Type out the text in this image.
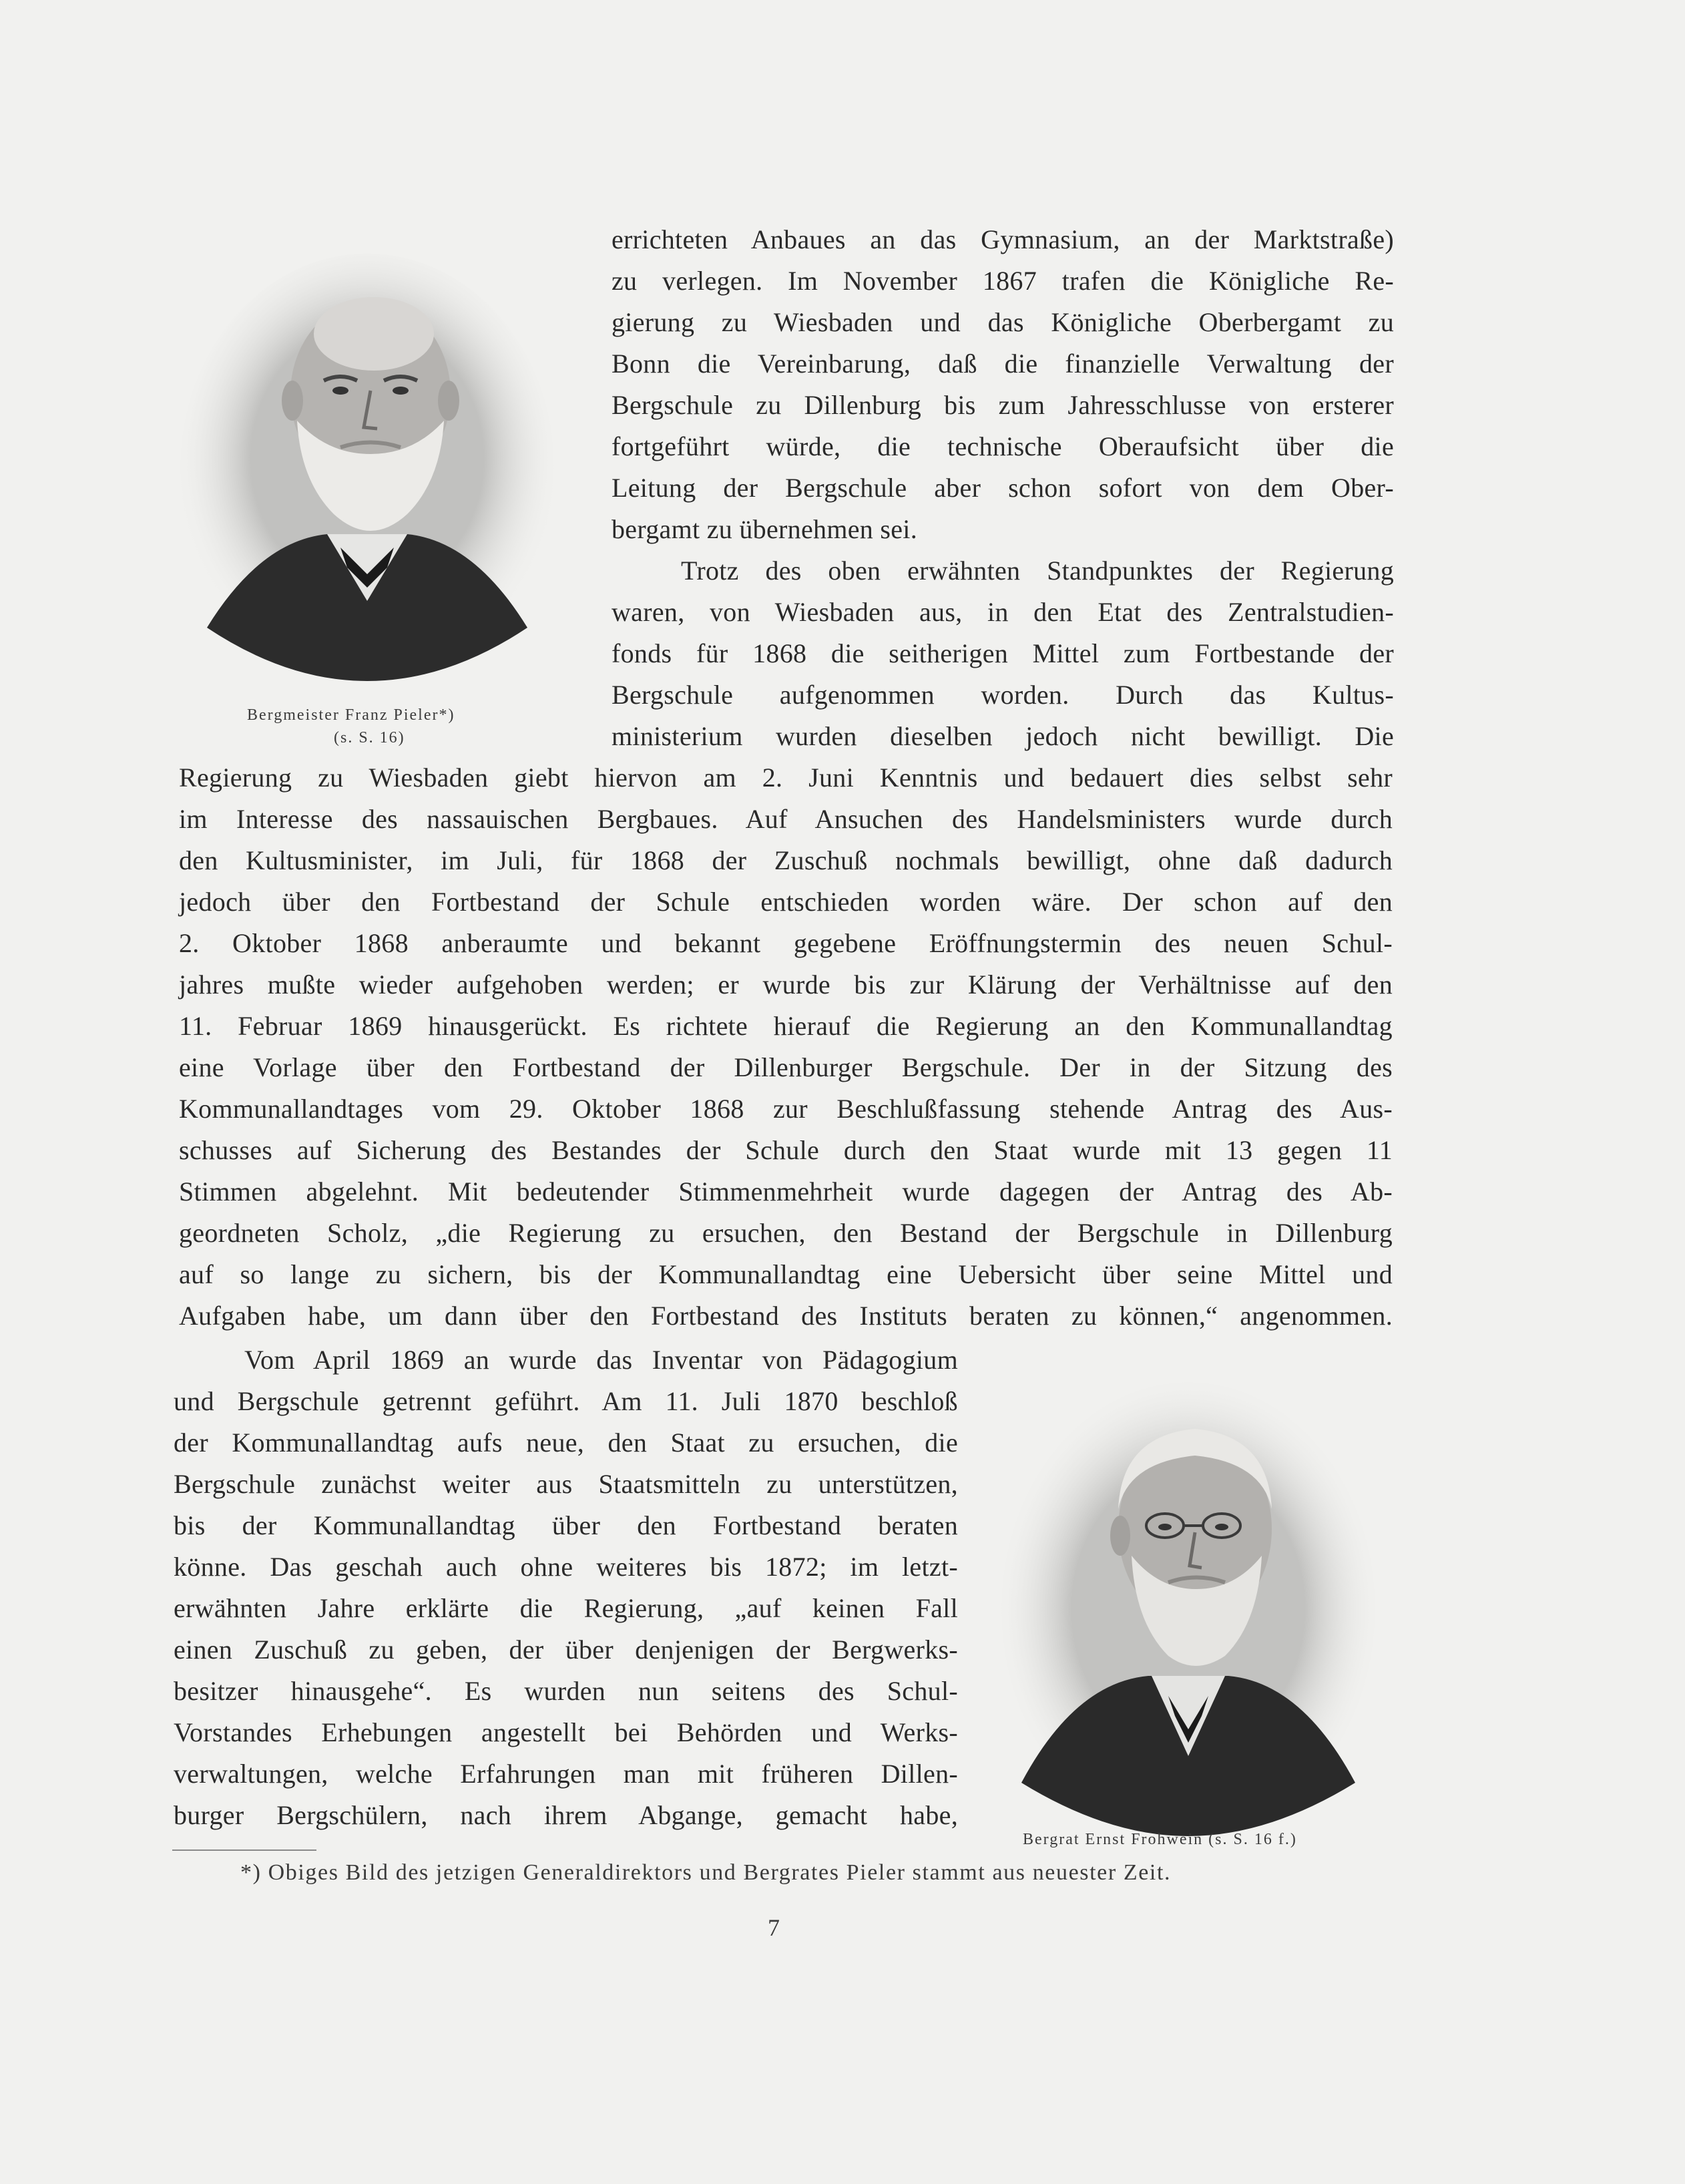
Bergmeister Franz Pieler*)
(s. S. 16)
errichteten Anbaues an das Gymnasium, an der Marktstraße)
zu verlegen. Im November 1867 trafen die Königliche Re-
gierung zu Wiesbaden und das Königliche Oberbergamt zu
Bonn die Vereinbarung, daß die finanzielle Verwaltung der
Bergschule zu Dillenburg bis zum Jahresschlusse von ersterer
fortgeführt würde, die technische Oberaufsicht über die
Leitung der Bergschule aber schon sofort von dem Ober-
bergamt zu übernehmen sei.
Trotz des oben erwähnten Standpunktes der Regierung
waren, von Wiesbaden aus, in den Etat des Zentralstudien-
fonds für 1868 die seitherigen Mittel zum Fortbestande der
Bergschule aufgenommen worden. Durch das Kultus-
ministerium wurden dieselben jedoch nicht bewilligt. Die
Regierung zu Wiesbaden giebt hiervon am 2. Juni Kenntnis und bedauert dies selbst sehr
im Interesse des nassauischen Bergbaues. Auf Ansuchen des Handelsministers wurde durch
den Kultusminister, im Juli, für 1868 der Zuschuß nochmals bewilligt, ohne daß dadurch
jedoch über den Fortbestand der Schule entschieden worden wäre. Der schon auf den
2. Oktober 1868 anberaumte und bekannt gegebene Eröffnungstermin des neuen Schul-
jahres mußte wieder aufgehoben werden; er wurde bis zur Klärung der Verhältnisse auf den
11. Februar 1869 hinausgerückt. Es richtete hierauf die Regierung an den Kommunallandtag
eine Vorlage über den Fortbestand der Dillenburger Bergschule. Der in der Sitzung des
Kommunallandtages vom 29. Oktober 1868 zur Beschlußfassung stehende Antrag des Aus-
schusses auf Sicherung des Bestandes der Schule durch den Staat wurde mit 13 gegen 11
Stimmen abgelehnt. Mit bedeutender Stimmenmehrheit wurde dagegen der Antrag des Ab-
geordneten Scholz, „die Regierung zu ersuchen, den Bestand der Bergschule in Dillenburg
auf so lange zu sichern, bis der Kommunallandtag eine Uebersicht über seine Mittel und
Aufgaben habe, um dann über den Fortbestand des Instituts beraten zu können,“ angenommen.
Vom April 1869 an wurde das Inventar von Pädagogium
und Bergschule getrennt geführt. Am 11. Juli 1870 beschloß
der Kommunallandtag aufs neue, den Staat zu ersuchen, die
Bergschule zunächst weiter aus Staatsmitteln zu unterstützen,
bis der Kommunallandtag über den Fortbestand beraten
könne. Das geschah auch ohne weiteres bis 1872; im letzt-
erwähnten Jahre erklärte die Regierung, „auf keinen Fall
einen Zuschuß zu geben, der über denjenigen der Bergwerks-
besitzer hinausgehe“. Es wurden nun seitens des Schul-
Vorstandes Erhebungen angestellt bei Behörden und Werks-
verwaltungen, welche Erfahrungen man mit früheren Dillen-
burger Bergschülern, nach ihrem Abgange, gemacht habe,
Bergrat Ernst Frohwein (s. S. 16 f.)
*) Obiges Bild des jetzigen Generaldirektors und Bergrates Pieler stammt aus neuester Zeit.
7
